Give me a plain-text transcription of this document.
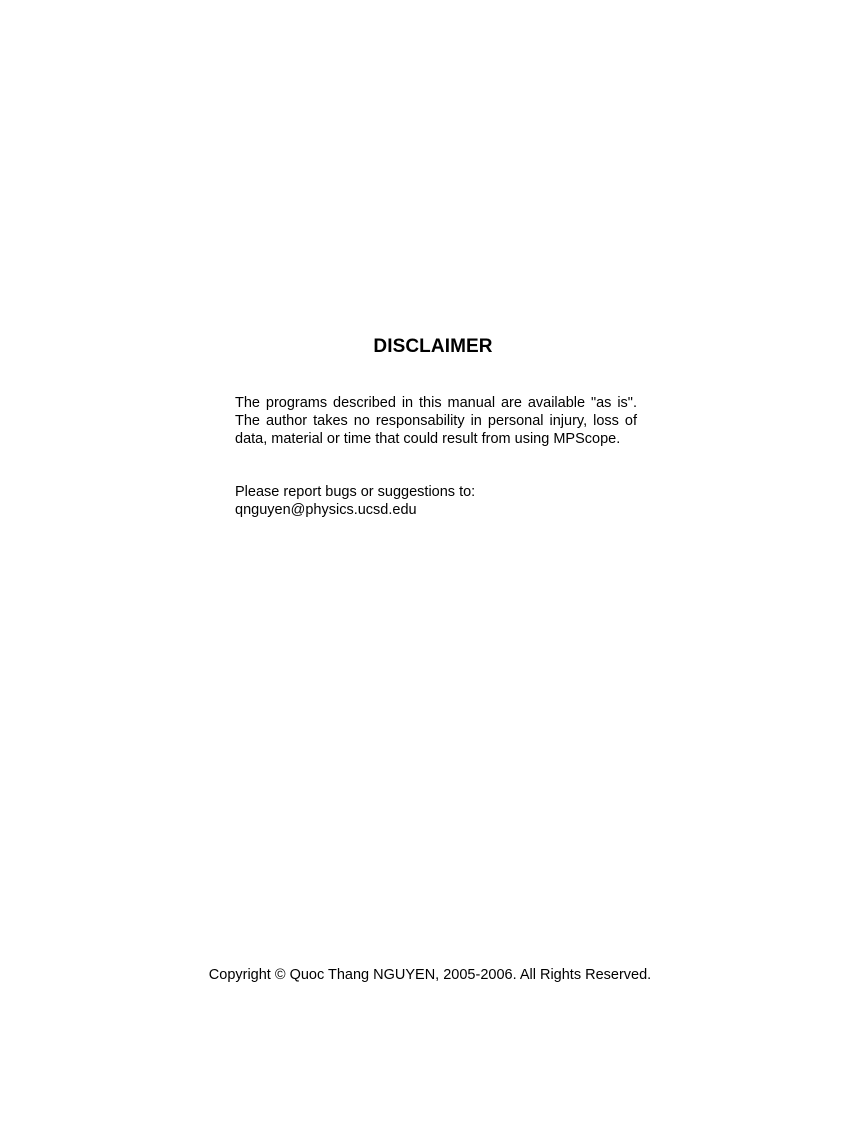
DISCLAIMER
The programs described in this manual are available "as is". The author takes no responsability in personal injury, loss of data, material or time that could result from using MPScope.
Please report bugs or suggestions to:
qnguyen@physics.ucsd.edu
Copyright © Quoc Thang NGUYEN, 2005-2006. All Rights Reserved.
